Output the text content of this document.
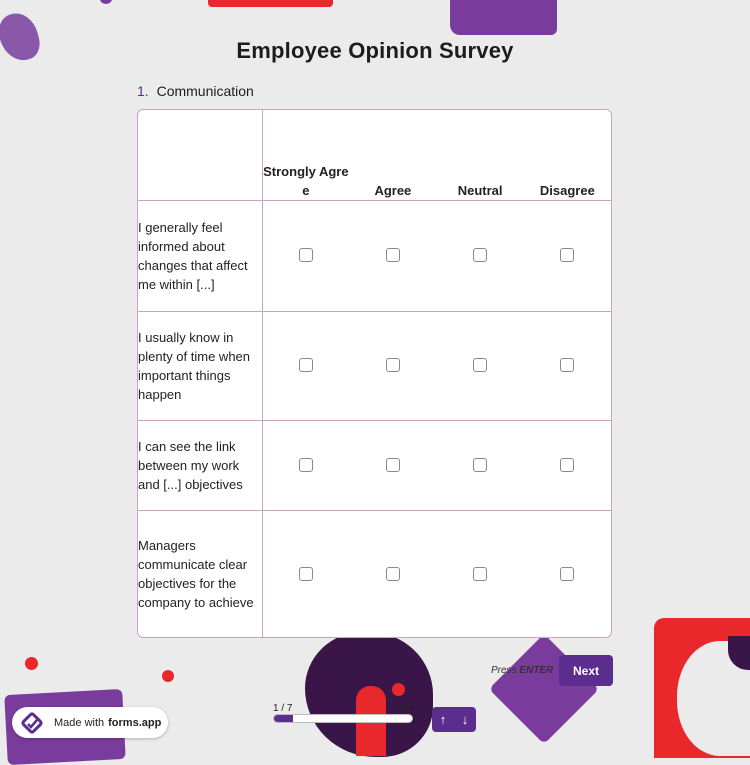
Employee Opinion Survey
1. Communication
	Strongly Agree	Agree	Neutral	Disagree
I generally feel informed about changes that affect me within [...]				
I usually know in plenty of time when important things happen				
I can see the link between my work and [...] objectives				
Managers communicate clear objectives for the company to achieve				
Press ENTER	Next
1 / 7	14%
↑	↓
Made with forms.app
